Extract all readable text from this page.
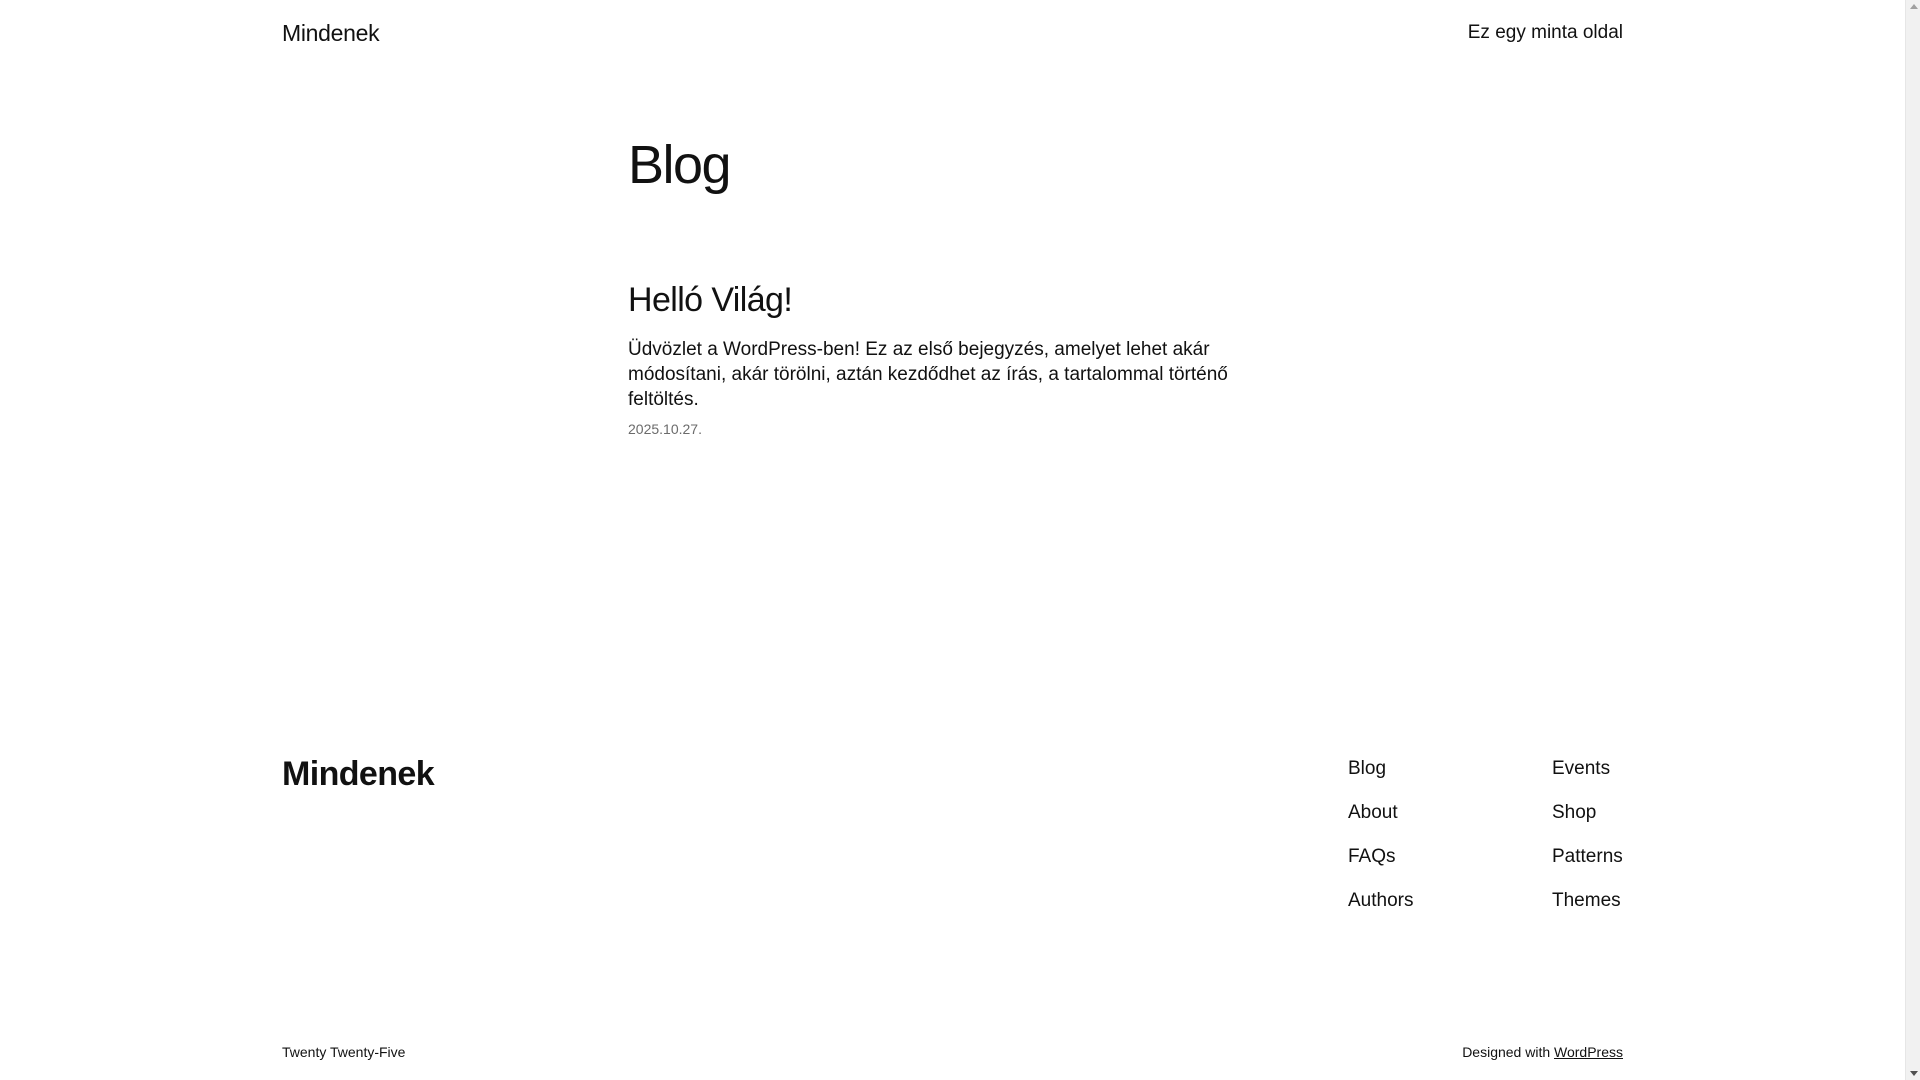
Mindenek	Ez egy minta oldal
Blog
Helló Világ!

Üdvözlet a WordPress-ben! Ez az első bejegyzés, amelyet lehet akár módosítani, akár törölni, aztán kezdődhet az írás, a tartalommal történő feltöltés.

2025.10.27.
Mindenek	Blog
About
FAQs
Authors
Events
Shop
Patterns
Themes
Twenty Twenty-Five	Designed with WordPress
